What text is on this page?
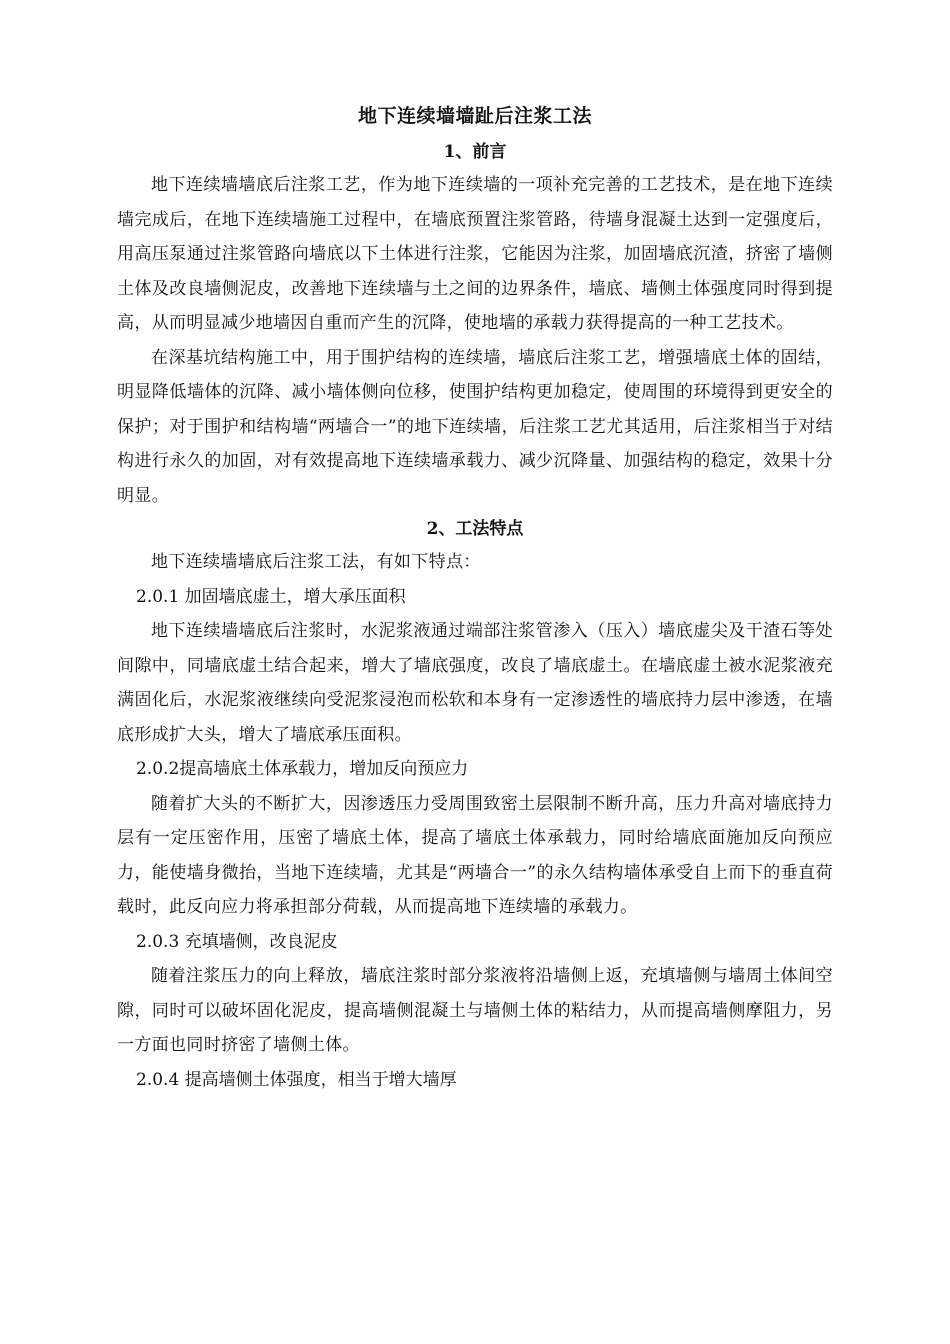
地下连续墙墙趾后注浆工法
1、前言

地下连续墙墙底后注浆工艺，作为地下连续墙的一项补充完善的工艺技术，是在地下连续墙完成后，在地下连续墙施工过程中，在墙底预置注浆管路，待墙身混凝土达到一定强度后，用高压泵通过注浆管路向墙底以下土体进行注浆，它能因为注浆，加固墙底沉渣，挤密了墙侧土体及改良墙侧泥皮，改善地下连续墙与土之间的边界条件，墙底、墙侧土体强度同时得到提高，从而明显减少地墙因自重而产生的沉降，使地墙的承载力获得提高的一种工艺技术。

在深基坑结构施工中，用于围护结构的连续墙，墙底后注浆工艺，增强墙底土体的固结，明显降低墙体的沉降、减小墙体侧向位移，使围护结构更加稳定，使周围的环境得到更安全的保护；对于围护和结构墙“两墙合一”的地下连续墙，后注浆工艺尤其适用，后注浆相当于对结构进行永久的加固，对有效提高地下连续墙承载力、减少沉降量、加强结构的稳定，效果十分明显。

2、工法特点

地下连续墙墙底后注浆工法，有如下特点：

2.0.1 加固墙底虚土，增大承压面积

地下连续墙墙底后注浆时，水泥浆液通过端部注浆管渗入（压入）墙底虚尖及干渣石等处间隙中，同墙底虚土结合起来，增大了墙底强度，改良了墙底虚土。在墙底虚土被水泥浆液充满固化后，水泥浆液继续向受泥浆浸泡而松软和本身有一定渗透性的墙底持力层中渗透，在墙底形成扩大头，增大了墙底承压面积。

2.0.2提高墙底土体承载力，增加反向预应力

随着扩大头的不断扩大，因渗透压力受周围致密土层限制不断升高，压力升高对墙底持力层有一定压密作用，压密了墙底土体，提高了墙底土体承载力，同时给墙底面施加反向预应力，能使墙身微抬，当地下连续墙，尤其是“两墙合一”的永久结构墙体承受自上而下的垂直荷载时，此反向应力将承担部分荷载，从而提高地下连续墙的承载力。

2.0.3 充填墙侧，改良泥皮

随着注浆压力的向上释放，墙底注浆时部分浆液将沿墙侧上返，充填墙侧与墙周土体间空隙，同时可以破坏固化泥皮，提高墙侧混凝土与墙侧土体的粘结力，从而提高墙侧摩阻力，另一方面也同时挤密了墙侧土体。

2.0.4 提高墙侧土体强度，相当于增大墙厚
